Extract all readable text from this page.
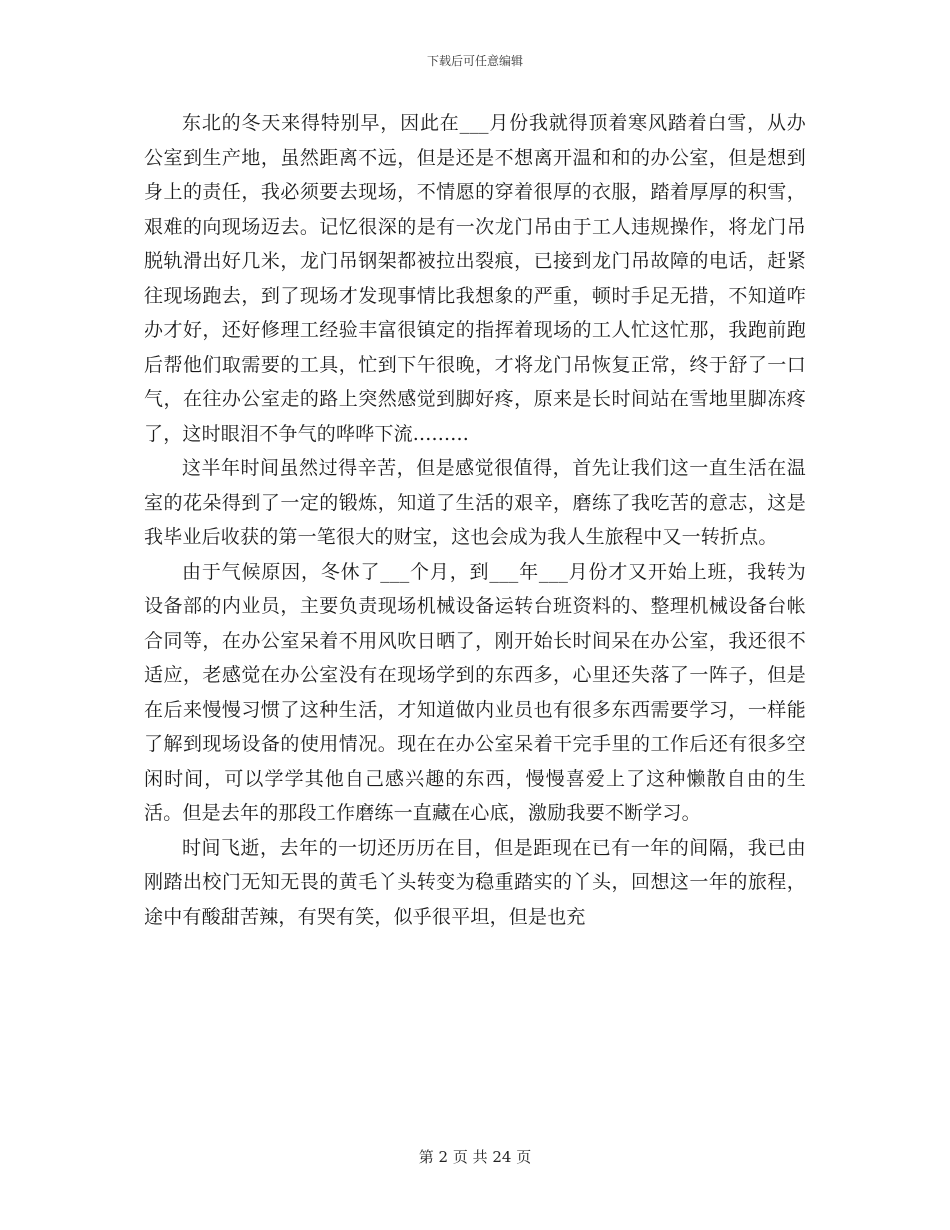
下载后可任意编辑

东北的冬天来得特别早，因此在___月份我就得顶着寒风踏着白雪，从办公室到生产地，虽然距离不远，但是还是不想离开温和和的办公室，但是想到身上的责任，我必须要去现场，不情愿的穿着很厚的衣服，踏着厚厚的积雪，艰难的向现场迈去。记忆很深的是有一次龙门吊由于工人违规操作，将龙门吊脱轨滑出好几米，龙门吊钢架都被拉出裂痕，已接到龙门吊故障的电话，赶紧往现场跑去，到了现场才发现事情比我想象的严重，顿时手足无措，不知道咋办才好，还好修理工经验丰富很镇定的指挥着现场的工人忙这忙那，我跑前跑后帮他们取需要的工具，忙到下午很晚，才将龙门吊恢复正常，终于舒了一口气，在往办公室走的路上突然感觉到脚好疼，原来是长时间站在雪地里脚冻疼了，这时眼泪不争气的哗哗下流.........

这半年时间虽然过得辛苦，但是感觉很值得，首先让我们这一直生活在温室的花朵得到了一定的锻炼，知道了生活的艰辛，磨练了我吃苦的意志，这是我毕业后收获的第一笔很大的财宝，这也会成为我人生旅程中又一转折点。

由于气候原因，冬休了___个月，到___年___月份才又开始上班，我转为设备部的内业员，主要负责现场机械设备运转台班资料的、整理机械设备台帐合同等，在办公室呆着不用风吹日晒了，刚开始长时间呆在办公室，我还很不适应，老感觉在办公室没有在现场学到的东西多，心里还失落了一阵子，但是在后来慢慢习惯了这种生活，才知道做内业员也有很多东西需要学习，一样能了解到现场设备的使用情况。现在在办公室呆着干完手里的工作后还有很多空闲时间，可以学学其他自己感兴趣的东西，慢慢喜爱上了这种懒散自由的生活。但是去年的那段工作磨练一直藏在心底，激励我要不断学习。

时间飞逝，去年的一切还历历在目，但是距现在已有一年的间隔，我已由刚踏出校门无知无畏的黄毛丫头转变为稳重踏实的丫头，回想这一年的旅程，途中有酸甜苦辣，有哭有笑，似乎很平坦，但是也充

第 2 页 共 24 页
